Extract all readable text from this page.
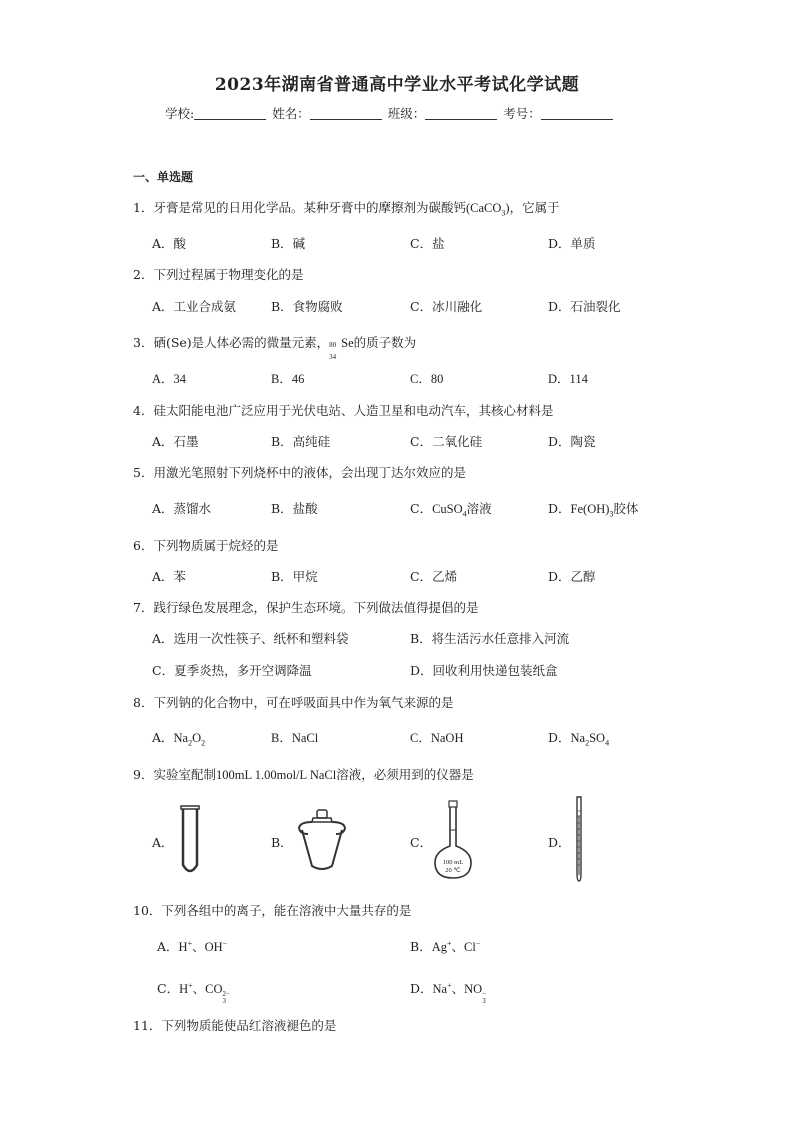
2023年湖南省普通高中学业水平考试化学试题
学校:	姓名：	班级：	考号：
一、单选题
1．牙膏是常见的日用化学品。某种牙膏中的摩擦剂为碳酸钙(CaCO$_3$)，它属于
A．酸	B．碱	C．盐	D．单质
2．下列过程属于物理变化的是
A．工业合成氨	B．食物腐败	C．冰川融化	D．石油裂化
3．硒(Se)是人体必需的微量元素， 80
34
Se的质子数为
A．34	B．46	C．80	D．114
4．硅太阳能电池广泛应用于光伏电站、人造卫星和电动汽车，其核心材料是
A．石墨	B．高纯硅	C．二氧化硅	D．陶瓷
5．用激光笔照射下列烧杯中的液体，会出现丁达尔效应的是
A．蒸馏水	B．盐酸	C．CuSO$_4$溶液	D．$Fe(OH)_3$胶体
6．下列物质属于烷烃的是
A．苯	B．甲烷	C．乙烯	D．乙醇
7．践行绿色发展理念，保护生态环境。下列做法值得提倡的是
A．选用一次性筷子、纸杯和塑料袋	B．将生活污水任意排入河流
C．夏季炎热，多开空调降温	D．回收利用快递包装纸盒
8．下列钠的化合物中，可在呼吸面具中作为氧气来源的是
A．$Na_2O_2$	B．NaCl	C．NaOH	D．$Na_2SO_4$
9．实验室配制100mL 1.00mol/L NaCl溶液，必须用到的仪器是
A．	B．	C．	D．
100 mL
20 ℃
10．下列各组中的离子，能在溶液中大量共存的是
A．H+、OH−	B．Ag+、Cl−
C．H+、CO 2−
3
D．Na+、NO −
3
11．下列物质能使品红溶液褪色的是
